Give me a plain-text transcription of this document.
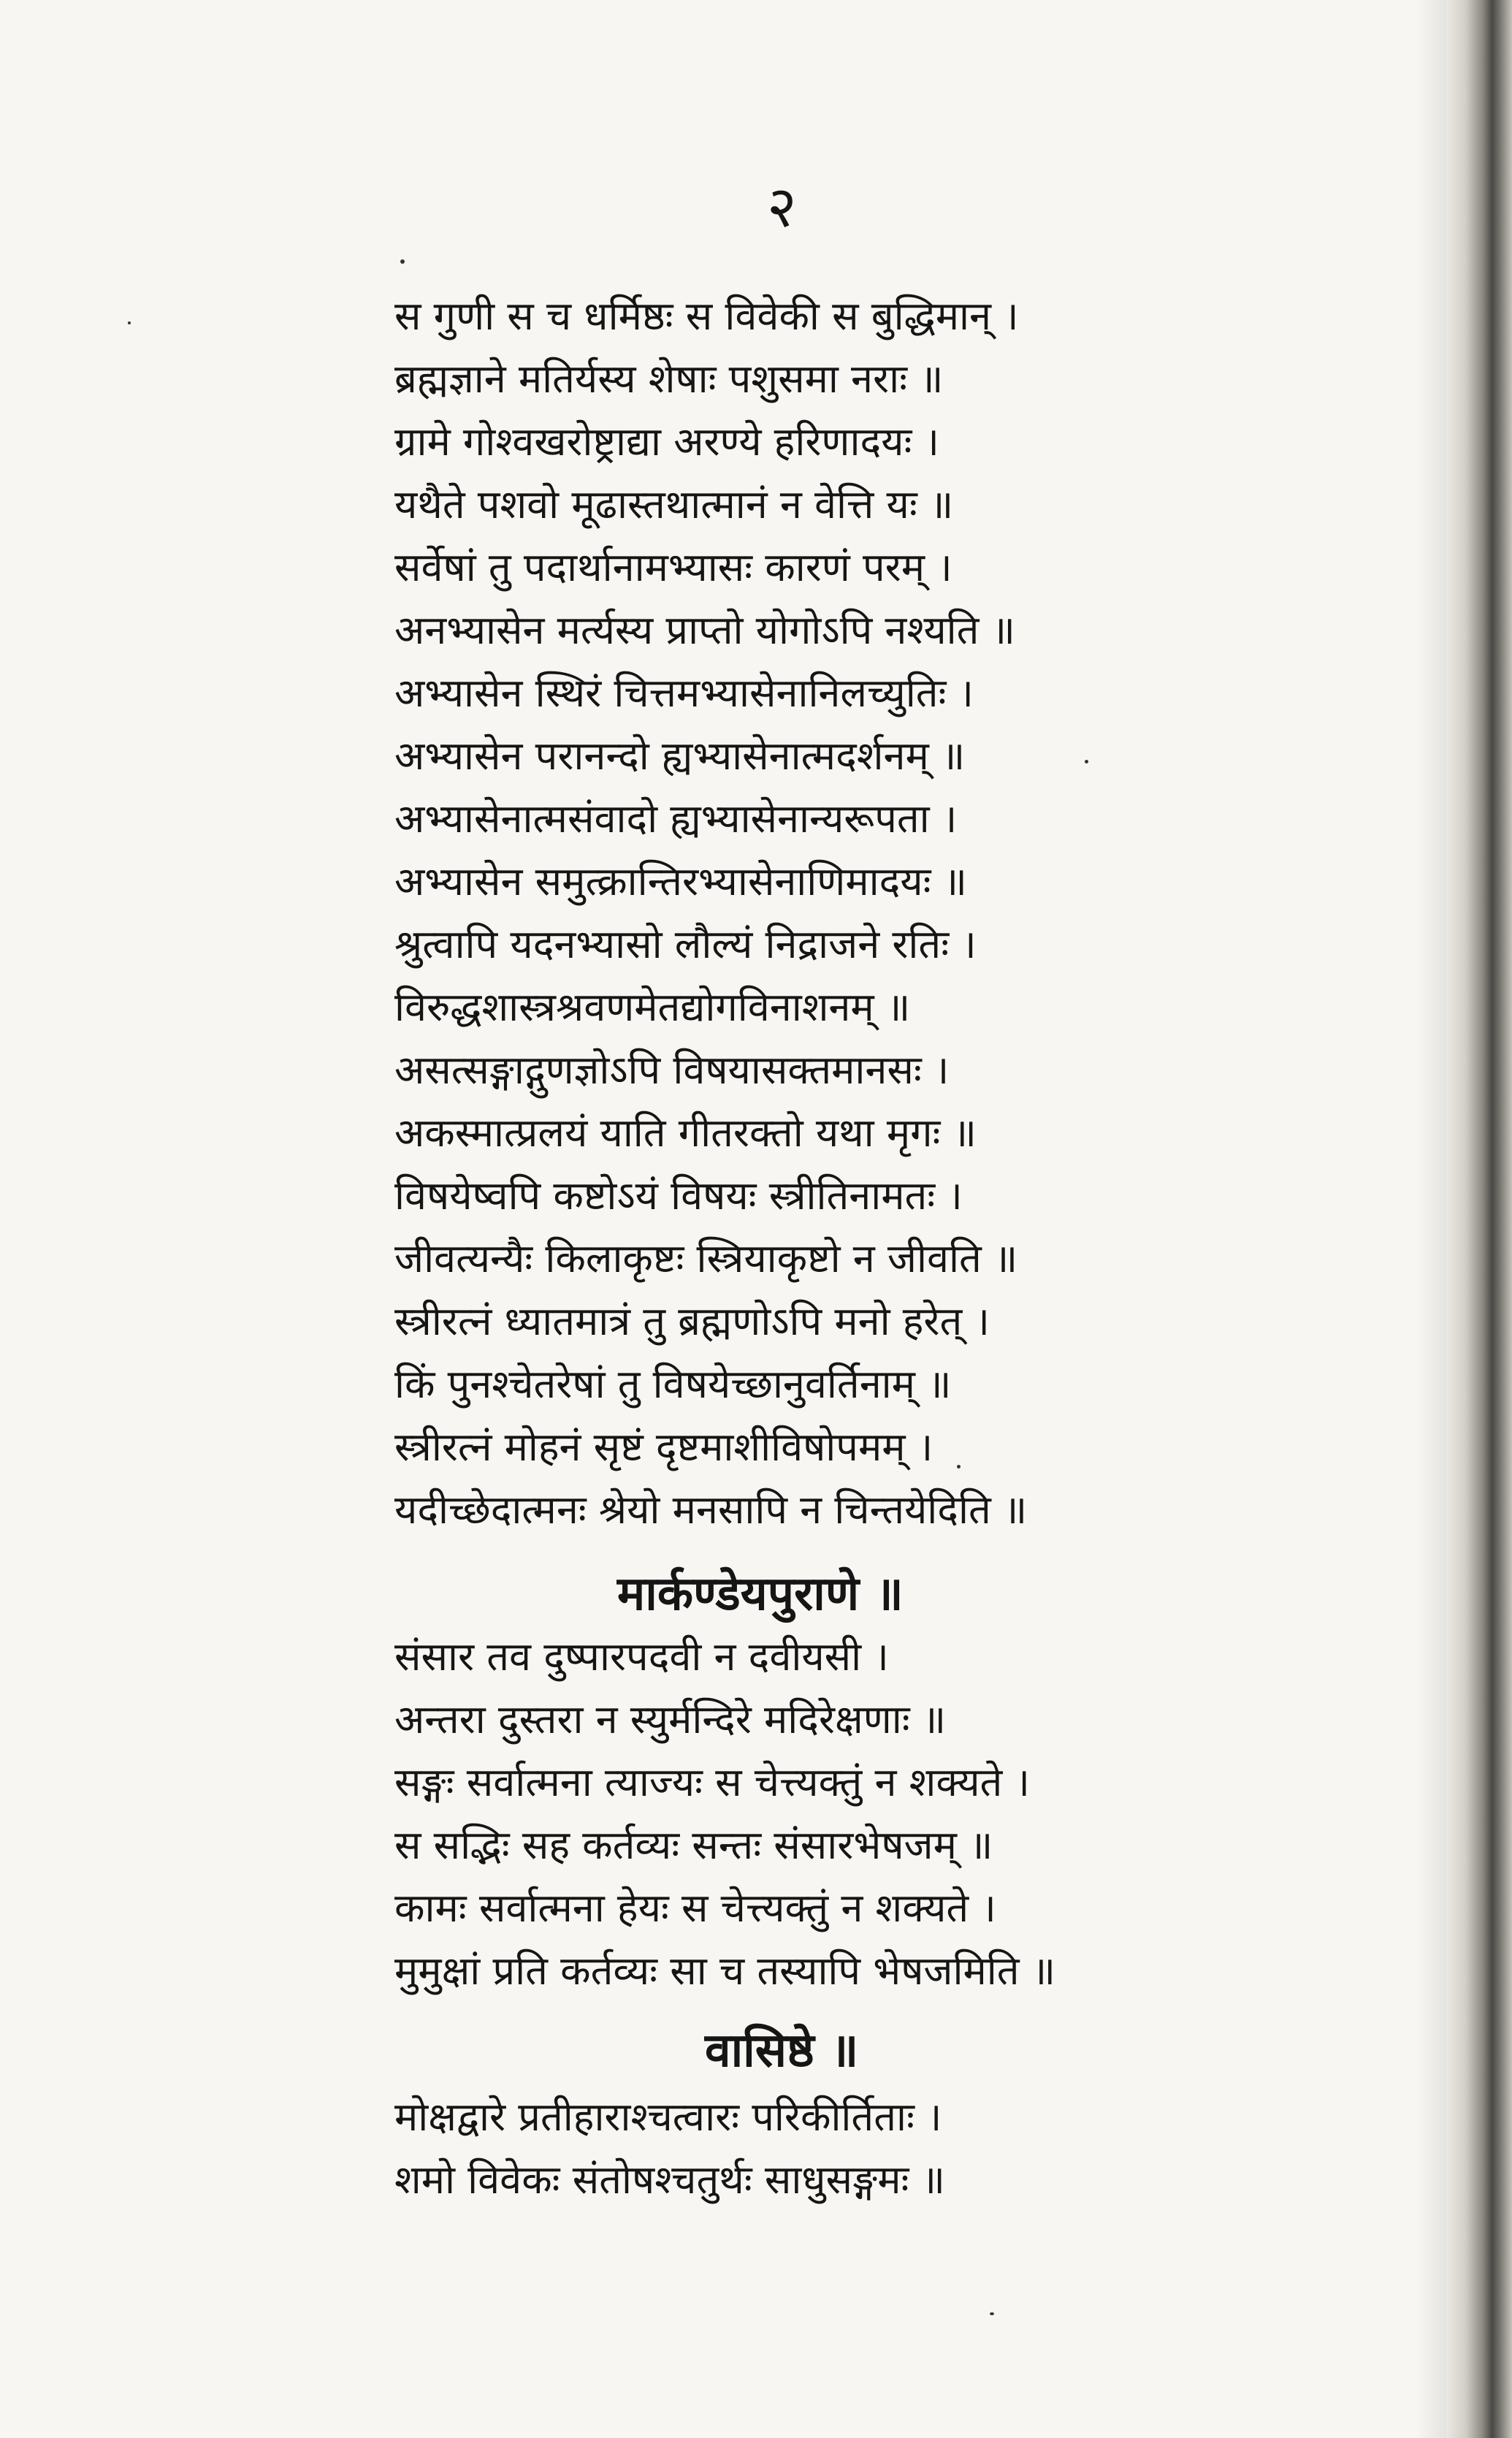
२
स गुणी स च धर्मिष्ठः स विवेकी स बुद्धिमान् ।
ब्रह्मज्ञाने मतिर्यस्य शेषाः पशुसमा नराः ॥
ग्रामे गोश्वखरोष्ट्राद्या अरण्ये हरिणादयः ।
यथैते पशवो मूढास्तथात्मानं न वेत्ति यः ॥
सर्वेषां तु पदार्थानामभ्यासः कारणं परम् ।
अनभ्यासेन मर्त्यस्य प्राप्तो योगोऽपि नश्यति ॥
अभ्यासेन स्थिरं चित्तमभ्यासेनानिलच्युतिः ।
अभ्यासेन परानन्दो ह्यभ्यासेनात्मदर्शनम् ॥
अभ्यासेनात्मसंवादो ह्यभ्यासेनान्यरूपता ।
अभ्यासेन समुत्क्रान्तिरभ्यासेनाणिमादयः ॥
श्रुत्वापि यदनभ्यासो लौल्यं निद्राजने रतिः ।
विरुद्धशास्त्रश्रवणमेतद्योगविनाशनम् ॥
असत्सङ्गाद्गुणज्ञोऽपि विषयासक्तमानसः ।
अकस्मात्प्रलयं याति गीतरक्तो यथा मृगः ॥
विषयेष्वपि कष्टोऽयं विषयः स्त्रीतिनामतः ।
जीवत्यन्यैः किलाकृष्टः स्त्रियाकृष्टो न जीवति ॥
स्त्रीरत्नं ध्यातमात्रं तु ब्रह्मणोऽपि मनो हरेत् ।
किं पुनश्चेतरेषां तु विषयेच्छानुवर्तिनाम् ॥
स्त्रीरत्नं मोहनं सृष्टं दृष्टमाशीविषोपमम् ।
यदीच्छेदात्मनः श्रेयो मनसापि न चिन्तयेदिति ॥
मार्कण्डेयपुराणे ॥
संसार तव दुष्पारपदवी न दवीयसी ।
अन्तरा दुस्तरा न स्युर्मन्दिरे मदिरेक्षणाः ॥
सङ्गः सर्वात्मना त्याज्यः स चेत्त्यक्तुं न शक्यते ।
स सद्भिः सह कर्तव्यः सन्तः संसारभेषजम् ॥
कामः सर्वात्मना हेयः स चेत्त्यक्तुं न शक्यते ।
मुमुक्षां प्रति कर्तव्यः सा च तस्यापि भेषजमिति ॥
वासिष्ठे ॥
मोक्षद्वारे प्रतीहाराश्चत्वारः परिकीर्तिताः ।
शमो विवेकः संतोषश्चतुर्थः साधुसङ्गमः ॥
